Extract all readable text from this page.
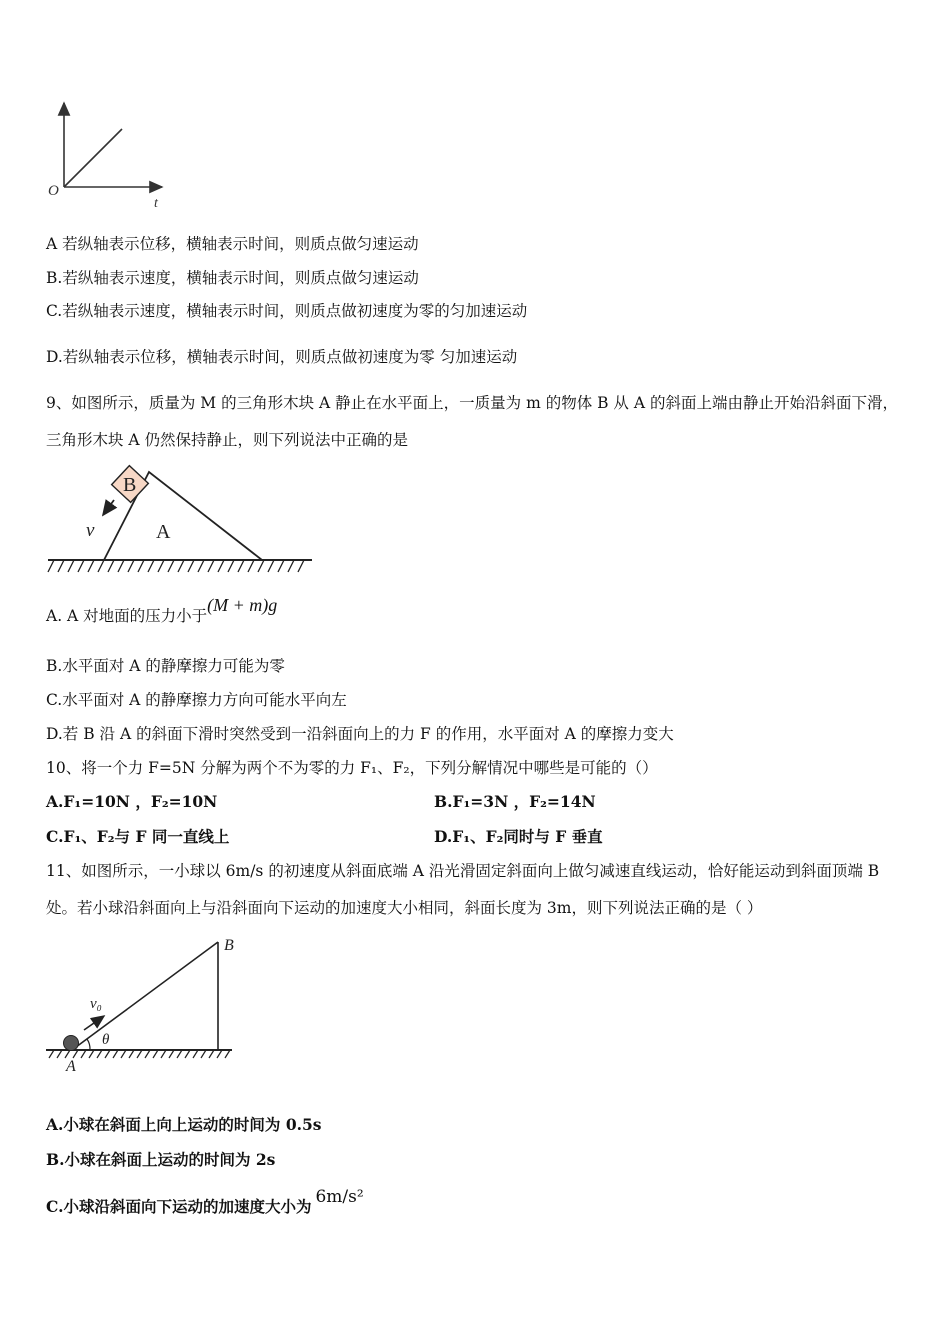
O
t
A 若纵轴表示位移，横轴表示时间，则质点做匀速运动
B.若纵轴表示速度，横轴表示时间，则质点做匀速运动
C.若纵轴表示速度，横轴表示时间，则质点做初速度为零的匀加速运动
D.若纵轴表示位移，横轴表示时间，则质点做初速度为零 匀加速运动
9、如图所示，质量为 M 的三角形木块 A 静止在水平面上，一质量为 m 的物体 B 从 A 的斜面上端由静止开始沿斜面下滑，
三角形木块 A 仍然保持静止，则下列说法中正确的是
B
A
v
A. A 对地面的压力小于(M + m)g
B.水平面对 A 的静摩擦力可能为零
C.水平面对 A 的静摩擦力方向可能水平向左
D.若 B 沿 A 的斜面下滑时突然受到一沿斜面向上的力 F 的作用，水平面对 A 的摩擦力变大
10、将一个力 F=5N 分解为两个不为零的力 F₁、F₂，下列分解情况中哪些是可能的（）
A.F₁=10N ，F₂=10N	B.F₁=3N ，F₂=14N
C.F₁、F₂与 F 同一直线上	D.F₁、F₂同时与 F 垂直
11、如图所示，一小球以 6m/s 的初速度从斜面底端 A 沿光滑固定斜面向上做匀减速直线运动，恰好能运动到斜面顶端 B
处。若小球沿斜面向上与沿斜面向下运动的加速度大小相同，斜面长度为 3m，则下列说法正确的是（ ）
v₀
θ
A
B
A.小球在斜面上向上运动的时间为 0.5s
B.小球在斜面上运动的时间为 2s
C.小球沿斜面向下运动的加速度大小为 6m/s²
